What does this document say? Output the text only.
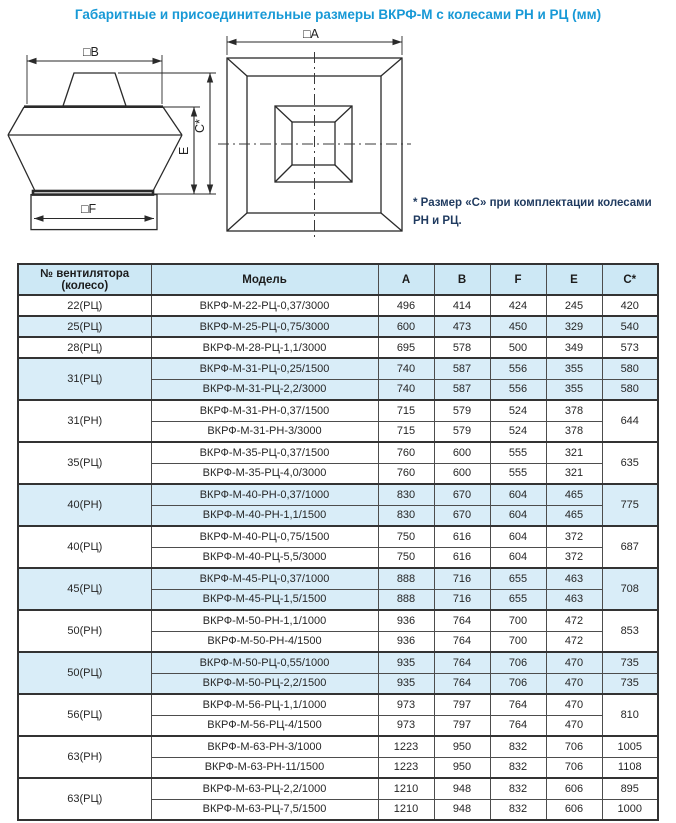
Габаритные и присоединительные размеры ВКРФ-М с колесами РН и РЦ (мм)
□B
□F
E
C*
□A
* Размер «С» при комплектации колесами
РН и РЦ.
№ вентилятора (колесо)	Модель	А	В	F	Е	С*
22(РЦ)	ВКРФ-М-22-РЦ-0,37/3000	496	414	424	245	420
25(РЦ)	ВКРФ-М-25-РЦ-0,75/3000	600	473	450	329	540
28(РЦ)	ВКРФ-М-28-РЦ-1,1/3000	695	578	500	349	573
31(РЦ)	ВКРФ-М-31-РЦ-0,25/1500	740	587	556	355	580
	ВКРФ-М-31-РЦ-2,2/3000	740	587	556	355	580
31(РН)	ВКРФ-М-31-РН-0,37/1500	715	579	524	378	644
	ВКРФ-М-31-РН-3/3000	715	579	524	378	
35(РЦ)	ВКРФ-М-35-РЦ-0,37/1500	760	600	555	321	635
	ВКРФ-М-35-РЦ-4,0/3000	760	600	555	321	
40(РН)	ВКРФ-М-40-РН-0,37/1000	830	670	604	465	775
	ВКРФ-М-40-РН-1,1/1500	830	670	604	465	
40(РЦ)	ВКРФ-М-40-РЦ-0,75/1500	750	616	604	372	687
	ВКРФ-М-40-РЦ-5,5/3000	750	616	604	372	
45(РЦ)	ВКРФ-М-45-РЦ-0,37/1000	888	716	655	463	708
	ВКРФ-М-45-РЦ-1,5/1500	888	716	655	463	
50(РН)	ВКРФ-М-50-РН-1,1/1000	936	764	700	472	853
	ВКРФ-М-50-РН-4/1500	936	764	700	472	
50(РЦ)	ВКРФ-М-50-РЦ-0,55/1000	935	764	706	470	735
	ВКРФ-М-50-РЦ-2,2/1500	935	764	706	470	735
56(РЦ)	ВКРФ-М-56-РЦ-1,1/1000	973	797	764	470	810
	ВКРФ-М-56-РЦ-4/1500	973	797	764	470	
63(РН)	ВКРФ-М-63-РН-3/1000	1223	950	832	706	1005
	ВКРФ-М-63-РН-11/1500	1223	950	832	706	1108
63(РЦ)	ВКРФ-М-63-РЦ-2,2/1000	1210	948	832	606	895
	ВКРФ-М-63-РЦ-7,5/1500	1210	948	832	606	1000
